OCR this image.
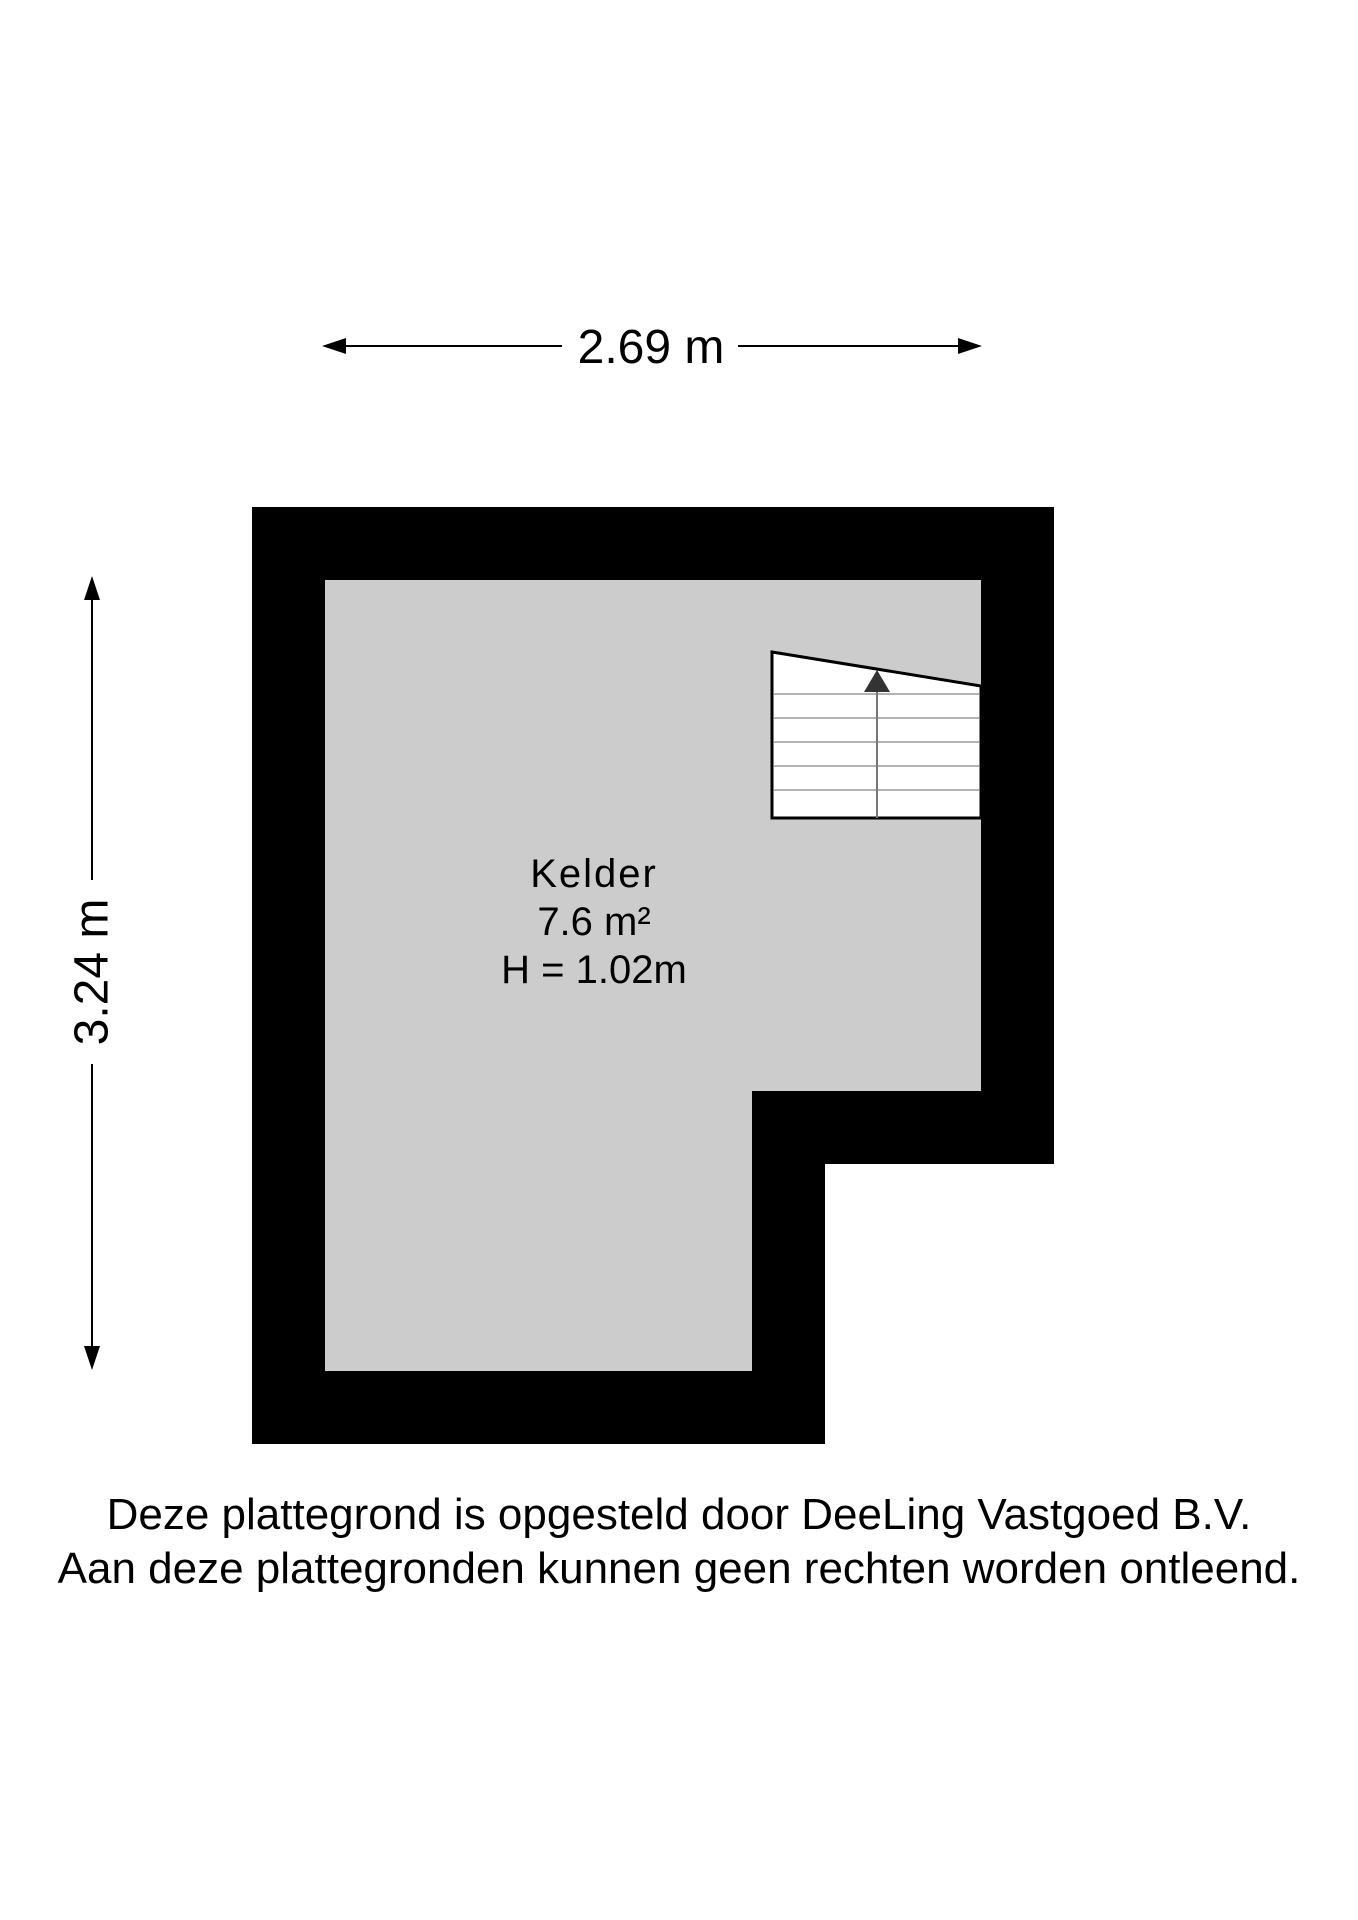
2.69 m
3.24 m
Kelder
7.6 m²
H = 1.02m
Deze plattegrond is opgesteld door DeeLing Vastgoed B.V.
Aan deze plattegronden kunnen geen rechten worden ontleend.
